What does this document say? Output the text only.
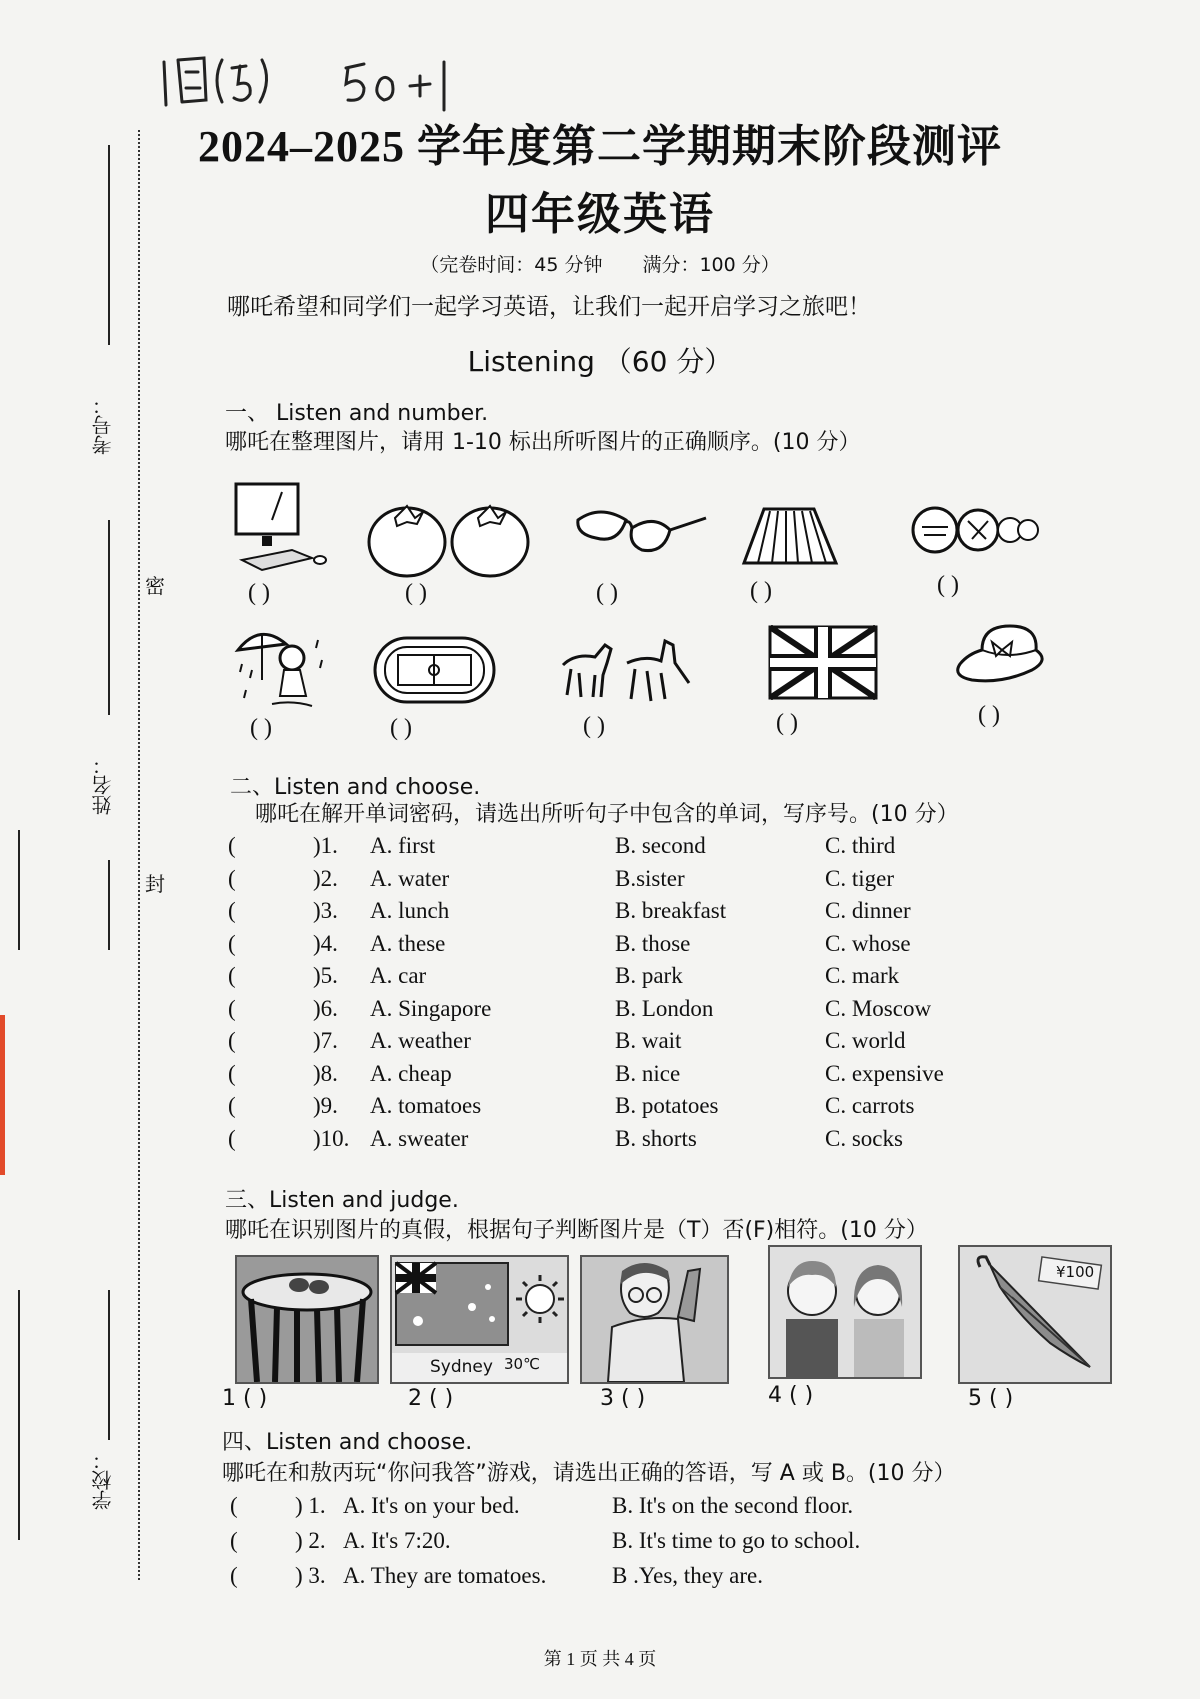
2024–2025 学年度第二学期期末阶段测评
四年级英语
（完卷时间：45 分钟 满分：100 分）
哪吒希望和同学们一起学习英语，让我们一起开启学习之旅吧！
Listening （60 分）
考号：
密
姓名：
封
学校：
一、 Listen and number.
哪吒在整理图片，请用 1-10 标出所听图片的正确顺序。(10 分）
( )	( )	( )	( )	( )
( )	( )	( )	( )	( )
二、Listen and choose.
哪吒在解开单词密码，请选出所听句子中包含的单词，写序号。(10 分）
(	)1. A. first	B. second	C. third
(	)2. A. water	B.sister	C. tiger
(	)3. A. lunch	B. breakfast	C. dinner
(	)4. A. these	B. those	C. whose
(	)5. A. car	B. park	C. mark
(	)6. A. Singapore	B. London	C. Moscow
(	)7. A. weather	B. wait	C. world
(	)8. A. cheap	B. nice	C. expensive
(	)9. A. tomatoes	B. potatoes	C. carrots
(	)10. A. sweater	B. shorts	C. socks
三、Listen and judge.
哪吒在识别图片的真假，根据句子判断图片是（T）否(F)相符。(10 分）
Sydney 30℃
¥100
1 ( )	2 ( )	3 ( )	4 ( )	5 ( )
四、Listen and choose.
哪吒在和敖丙玩“你问我答”游戏，请选出正确的答语，写 A 或 B。(10 分）
( ) 1. A. It's on your bed.	B. It's on the second floor.
( ) 2. A. It's 7:20.	B. It's time to go to school.
( ) 3. A. They are tomatoes.	B .Yes, they are.
第 1 页 共 4 页
